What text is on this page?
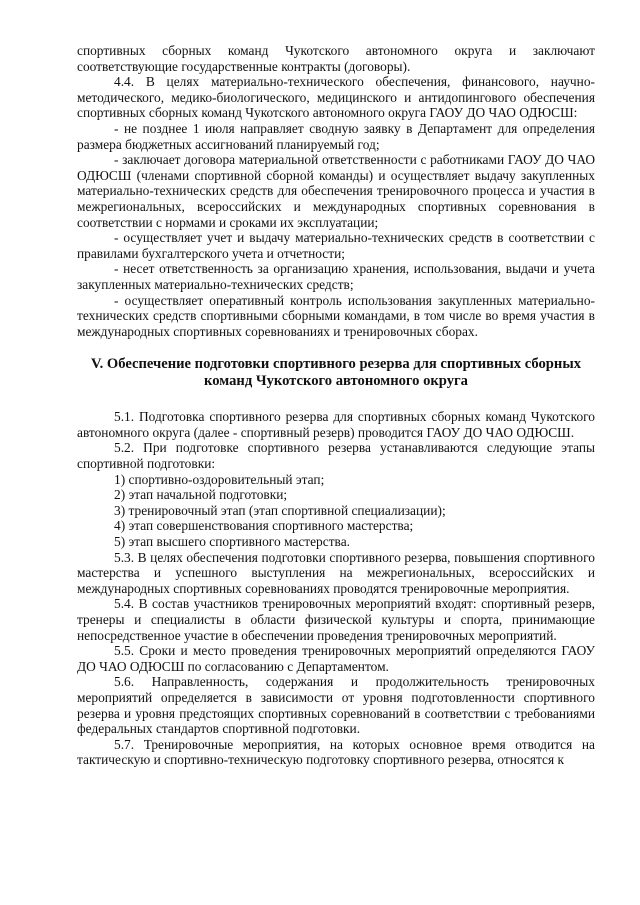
спортивных сборных команд Чукотского автономного округа и заключают соответствующие государственные контракты (договоры).

4.4. В целях материально-технического обеспечения, финансового, научно-методического, медико-биологического, медицинского и антидопингового обеспечения спортивных сборных команд Чукотского автономного округа ГАОУ ДО ЧАО ОДЮСШ:

- не позднее 1 июля направляет сводную заявку в Департамент для определения размера бюджетных ассигнований планируемый год;

- заключает договора материальной ответственности с работниками ГАОУ ДО ЧАО ОДЮСШ (членами спортивной сборной команды) и осуществляет выдачу закупленных материально-технических средств для обеспечения тренировочного процесса и участия в межрегиональных, всероссийских и международных спортивных соревнования в соответствии с нормами и сроками их эксплуатации;

- осуществляет учет и выдачу материально-технических средств в соответствии с правилами бухгалтерского учета и отчетности;

- несет ответственность за организацию хранения, использования, выдачи и учета закупленных материально-технических средств;

- осуществляет оперативный контроль использования закупленных материально-технических средств спортивными сборными командами, в том числе во время участия в международных спортивных соревнованиях и тренировочных сборах.

V. Обеспечение подготовки спортивного резерва для спортивных сборных
команд Чукотского автономного округа

5.1. Подготовка спортивного резерва для спортивных сборных команд Чукотского автономного округа (далее - спортивный резерв) проводится ГАОУ ДО ЧАО ОДЮСШ.

5.2. При подготовке спортивного резерва устанавливаются следующие этапы спортивной подготовки:

1) спортивно-оздоровительный этап;

2) этап начальной подготовки;

3) тренировочный этап (этап спортивной специализации);

4) этап совершенствования спортивного мастерства;

5) этап высшего спортивного мастерства.

5.3. В целях обеспечения подготовки спортивного резерва, повышения спортивного мастерства и успешного выступления на межрегиональных, всероссийских и международных спортивных соревнованиях проводятся тренировочные мероприятия.

5.4. В состав участников тренировочных мероприятий входят: спортивный резерв, тренеры и специалисты в области физической культуры и спорта, принимающие непосредственное участие в обеспечении проведения тренировочных мероприятий.

5.5. Сроки и место проведения тренировочных мероприятий определяются ГАОУ ДО ЧАО ОДЮСШ по согласованию с Департаментом.

5.6. Направленность, содержания и продолжительность тренировочных мероприятий определяется в зависимости от уровня подготовленности спортивного резерва и уровня предстоящих спортивных соревнований в соответствии с требованиями федеральных стандартов спортивной подготовки.

5.7. Тренировочные мероприятия, на которых основное время отводится на тактическую и спортивно-техническую подготовку спортивного резерва, относятся к
